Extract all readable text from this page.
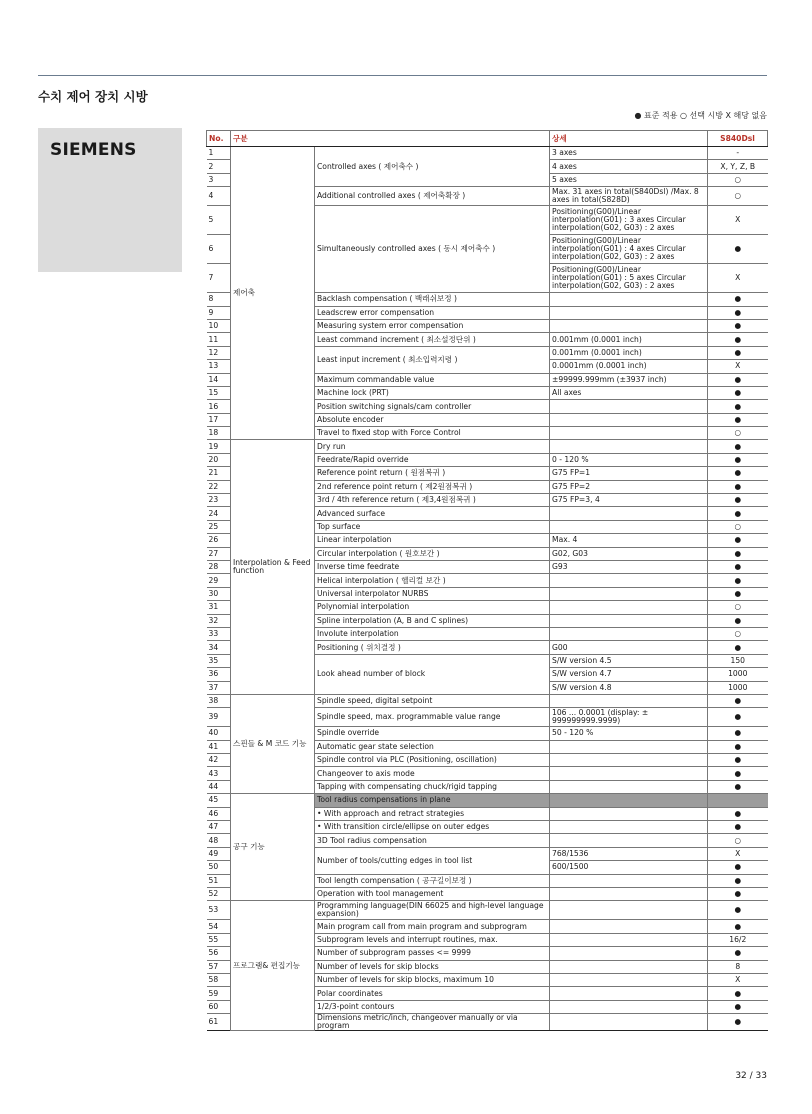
수치 제어 장치 시방
● 표준 적용 ○ 선택 시방 X 해당 없음
SIEMENS
No.	구분		상세	S840Dsl
1	제어축	Controlled axes ( 제어축수 )	3 axes	-
2			4 axes	X, Y, Z, B
3			5 axes	○
4		Additional controlled axes ( 제어축확장 )	Max. 31 axes in total(S840Dsl) /Max. 8 axes in total(S828D)	○
5		Simultaneously controlled axes ( 동시 제어축수 )	Positioning(G00)/Linear interpolation(G01) : 3 axes Circular interpolation(G02, G03) : 2 axes	X
6			Positioning(G00)/Linear interpolation(G01) : 4 axes Circular interpolation(G02, G03) : 2 axes	●
7			Positioning(G00)/Linear interpolation(G01) : 5 axes Circular interpolation(G02, G03) : 2 axes	X
8		Backlash compensation ( 백래쉬보정 )		●
9		Leadscrew error compensation		●
10		Measuring system error compensation		●
11		Least command increment ( 최소설정단위 )	0.001mm (0.0001 inch)	●
12		Least input increment ( 최소입력지령 )	0.001mm (0.0001 inch)	●
13			0.0001mm (0.0001 inch)	X
14		Maximum commandable value	±99999.999mm (±3937 inch)	●
15		Machine lock (PRT)	All axes	●
16		Position switching signals/cam controller		●
17		Absolute encoder		●
18		Travel to fixed stop with Force Control		○
19	Interpolation & Feed function	Dry run		●
20		Feedrate/Rapid override	0 - 120 %	●
21		Reference point return ( 원점복귀 )	G75 FP=1	●
22		2nd reference point return ( 제2원점복귀 )	G75 FP=2	●
23		3rd / 4th reference return ( 제3,4원점복귀 )	G75 FP=3, 4	●
24		Advanced surface		●
25		Top surface		○
26		Linear interpolation	Max. 4	●
27		Circular interpolation ( 원호보간 )	G02, G03	●
28		Inverse time feedrate	G93	●
29		Helical interpolation ( 헬리컬 보간 )		●
30		Universal interpolator NURBS		●
31		Polynomial interpolation		○
32		Spline interpolation (A, B and C splines)		●
33		Involute interpolation		○
34		Positioning ( 위치결정 )	G00	●
35		Look ahead number of block	S/W version 4.5	150
36			S/W version 4.7	1000
37			S/W version 4.8	1000
38	스핀들 & M 코드 기능	Spindle speed, digital setpoint		●
39		Spindle speed, max. programmable value range	106 ... 0.0001 (display: ± 999999999.9999)	●
40		Spindle override	50 - 120 %	●
41		Automatic gear state selection		●
42		Spindle control via PLC (Positioning, oscillation)		●
43		Changeover to axis mode		●
44		Tapping with compensating chuck/rigid tapping		●
45	공구 기능	Tool radius compensations in plane		
46		• With approach and retract strategies		●
47		• With transition circle/ellipse on outer edges		●
48		3D Tool radius compensation		○
49		Number of tools/cutting edges in tool list	768/1536	X
50			600/1500	●
51		Tool length compensation ( 공구길이보정 )		●
52		Operation with tool management		●
53	프로그램& 편집기능	Programming language(DIN 66025 and high-level language expansion)		●
54		Main program call from main program and subprogram		●
55		Subprogram levels and interrupt routines, max.		16/2
56		Number of subprogram passes <= 9999		●
57		Number of levels for skip blocks		8
58		Number of levels for skip blocks, maximum 10		X
59		Polar coordinates		●
60		1/2/3-point contours		●
61		Dimensions metric/inch, changeover manually or via program		●
32 / 33
